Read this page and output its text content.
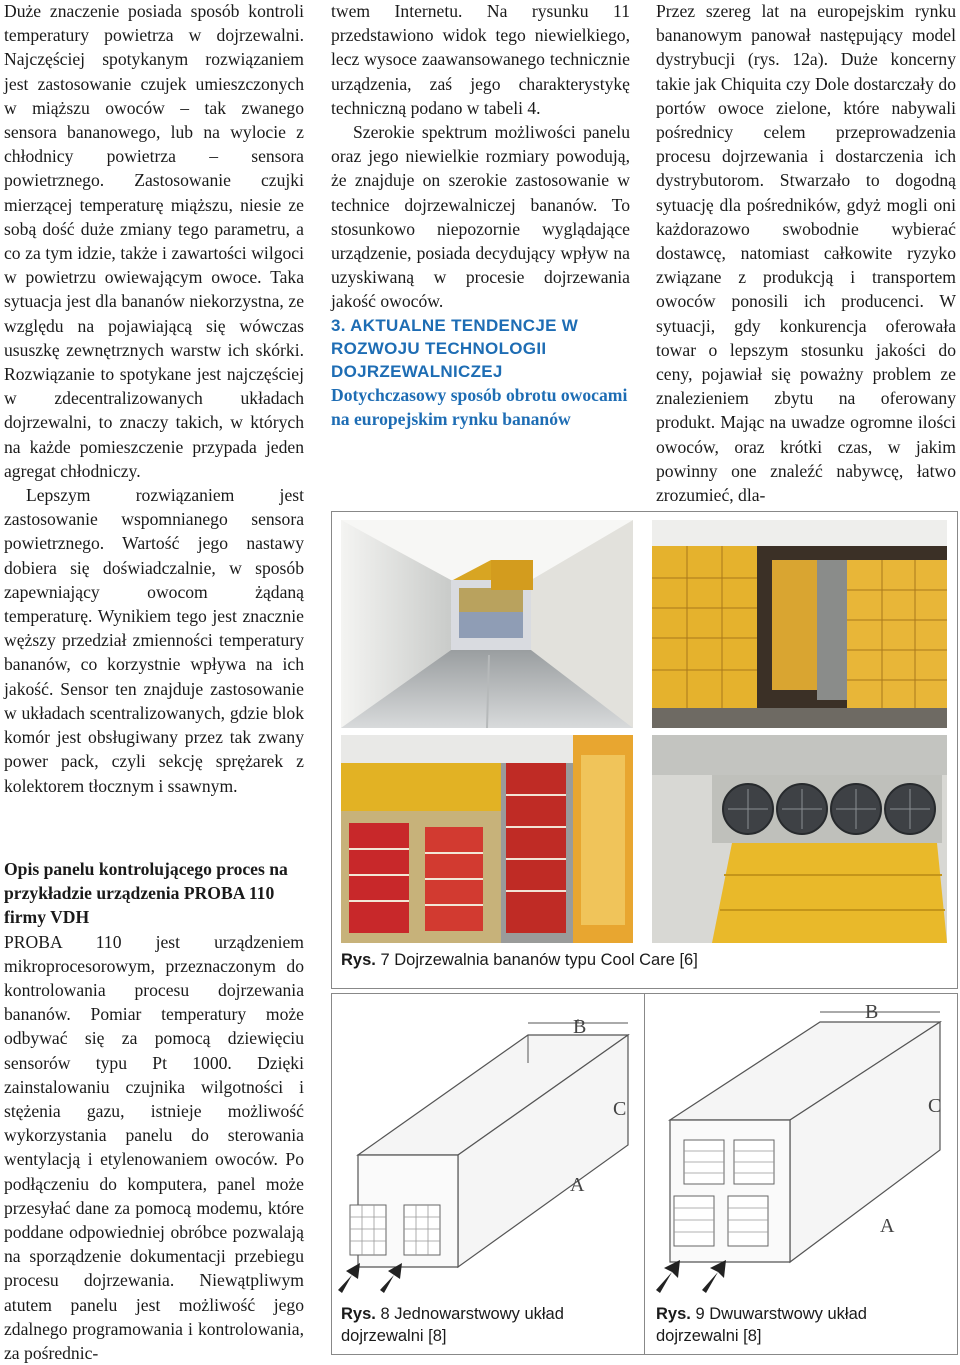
Duże znaczenie posiada sposób kontroli temperatury powietrza w dojrzewalni. Najczęściej spotykanym rozwiązaniem jest zastosowanie czujek umieszczonych w miąższu owoców – tak zwanego sensora bananowego, lub na wylocie z chłodnicy powietrza – sensora powietrznego. Zastosowanie czujki mierzącej temperaturę miąższu, niesie ze sobą dość duże zmiany tego parametru, a co za tym idzie, także i zawartości wilgoci w powietrzu owiewającym owoce. Taka sytuacja jest dla bananów niekorzystna, ze względu na pojawiającą się wówczas ususzkę zewnętrznych warstw ich skórki. Rozwiązanie to spotykane jest najczęściej w zdecentralizowanych układach dojrzewalni, to znaczy takich, w których na każde pomieszczenie przypada jeden agregat chłodniczy.

Lepszym rozwiązaniem jest zastosowanie wspomnianego sensora powietrznego. Wartość jego nastawy dobiera się doświadczalnie, w sposób zapewniający owocom żądaną temperaturę. Wynikiem tego jest znacznie węższy przedział zmienności temperatury bananów, co korzystnie wpływa na ich jakość. Sensor ten znajduje zastosowanie w układach scentralizowanych, gdzie blok komór jest obsługiwany przez tak zwany power pack, czyli sekcję sprężarek z kolektorem tłocznym i ssawnym.

Opis panelu kontrolującego proces na przykładzie urządzenia PROBA 110 firmy VDH

PROBA 110 jest urządzeniem mikroprocesorowym, przeznaczonym do kontrolowania procesu dojrzewania bananów. Pomiar temperatury może odbywać się za pomocą dziewięciu sensorów typu Pt 1000. Dzięki zainstalowaniu czujnika wilgotności i stężenia gazu, istnieje możliwość wykorzystania panelu do sterowania wentylacją i etylenowaniem owoców. Po podłączeniu do komputera, panel może przesyłać dane za pomocą modemu, które poddane odpowiedniej obróbce pozwalają na sporządzenie dokumentacji przebiegu procesu dojrzewania. Niewątpliwym atutem panelu jest możliwość jego zdalnego programowania i kontrolowania, za pośrednic-

twem Internetu. Na rysunku 11 przedstawiono widok tego niewielkiego, lecz wysoce zaawansowanego technicznie urządzenia, zaś jego charakterystykę techniczną podano w tabeli 4.

Szerokie spektrum możliwości panelu oraz jego niewielkie rozmiary powodują, że znajduje on szerokie zastosowanie w technice dojrzewalniczej bananów. To stosunkowo niepozornie wyglądające urządzenie, posiada decydujący wpływ na uzyskiwaną w procesie dojrzewania jakość owoców.

3. AKTUALNE TENDENCJE W ROZWOJU TECHNOLOGII DOJRZEWALNICZEJ

Dotychczasowy sposób obrotu owocami na europejskim rynku bananów

Przez szereg lat na europejskim rynku bananowym panował następujący model dystrybucji (rys. 12a). Duże koncerny takie jak Chiquita czy Dole dostarczały do portów owoce zielone, które nabywali pośrednicy celem przeprowadzenia procesu dojrzewania i dostarczenia ich dystrybutorom. Stwarzało to dogodną sytuację dla pośredników, gdyż mogli oni każdorazowo swobodnie wybierać dostawcę, natomiast całkowite ryzyko związane z produkcją i transportem owoców ponosili ich producenci. W sytuacji, gdy konkurencja oferowała towar o lepszym stosunku jakości do ceny, pojawiał się poważny problem ze znalezieniem zbytu na oferowany produkt. Mając na uwadze ogromne ilości owoców, oraz krótki czas, w jakim powinny one znaleźć nabywcę, łatwo zrozumieć, dla-

Rys. 7 Dojrzewalnia bananów typu Cool Care [6]
B
C
A
B
C
A
Rys. 8 Jednowarstwowy układ dojrzewalni [8]
Rys. 9 Dwuwarstwowy układ dojrzewalni [8]
